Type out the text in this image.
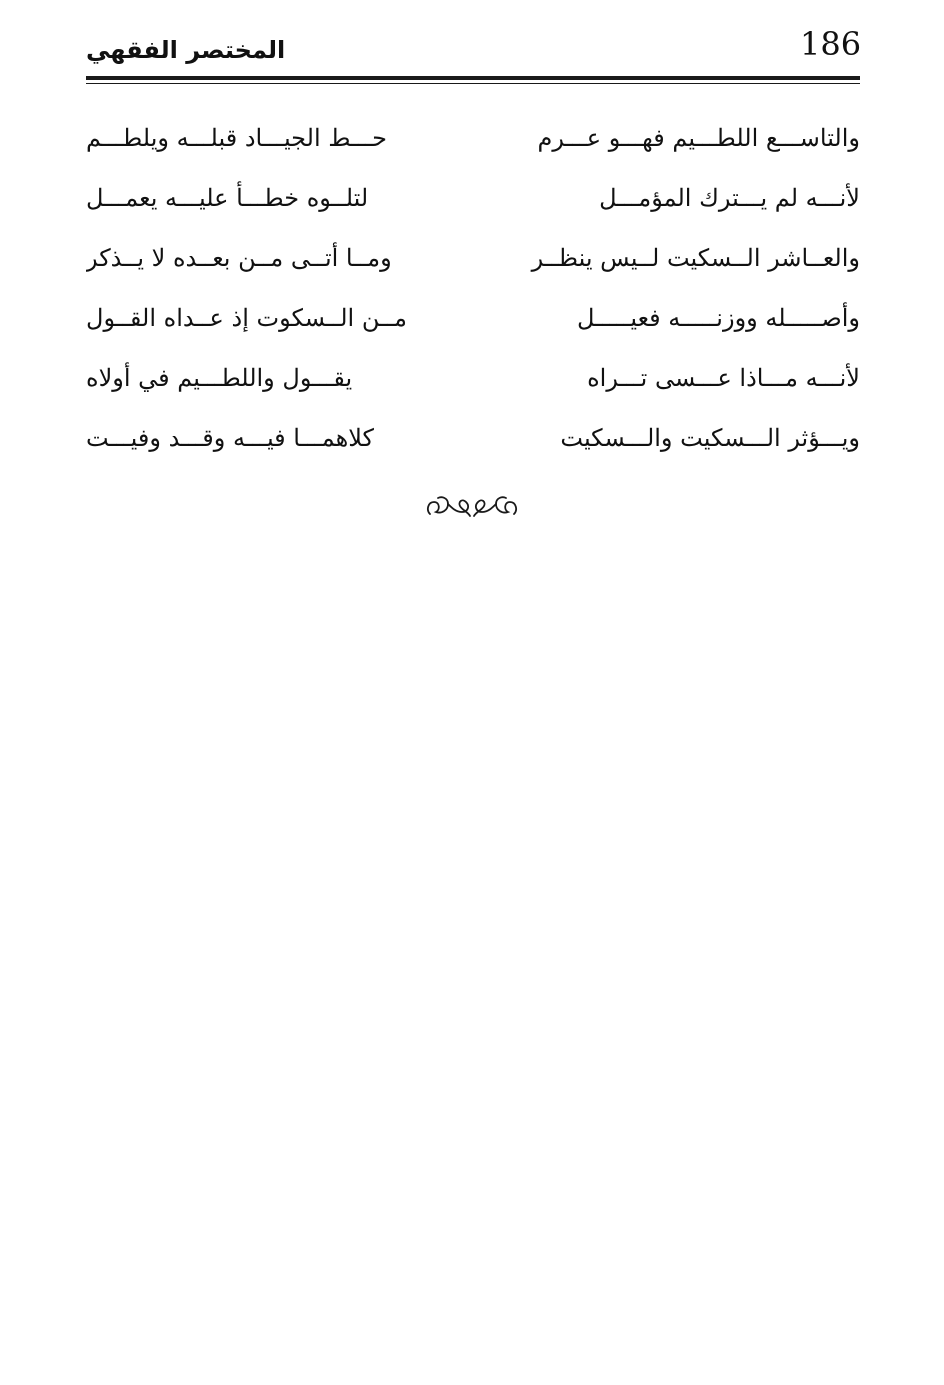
186
المختصر الفقهي
والتاســـع اللطـــيم فهـــو عـــرم
حـــط الجيـــاد قبلـــه ويلطـــم
لأنـــه لم يـــترك المؤمـــل
لتلــوه خطـــأ عليـــه يعمـــل
والعــاشر الــسكيت لــيس ينظــر
ومــا أتــى مــن بعــده لا يــذكر
وأصـــــله ووزنـــــه فعيـــــل
مــن الــسكوت إذ عــداه القــول
لأنـــه مـــاذا عـــسى تـــراه
يقـــول واللطـــيم في أولاه
ويـــؤثر الـــسكيت والـــسكيت
كلاهمـــا فيـــه وقـــد وفيـــت
